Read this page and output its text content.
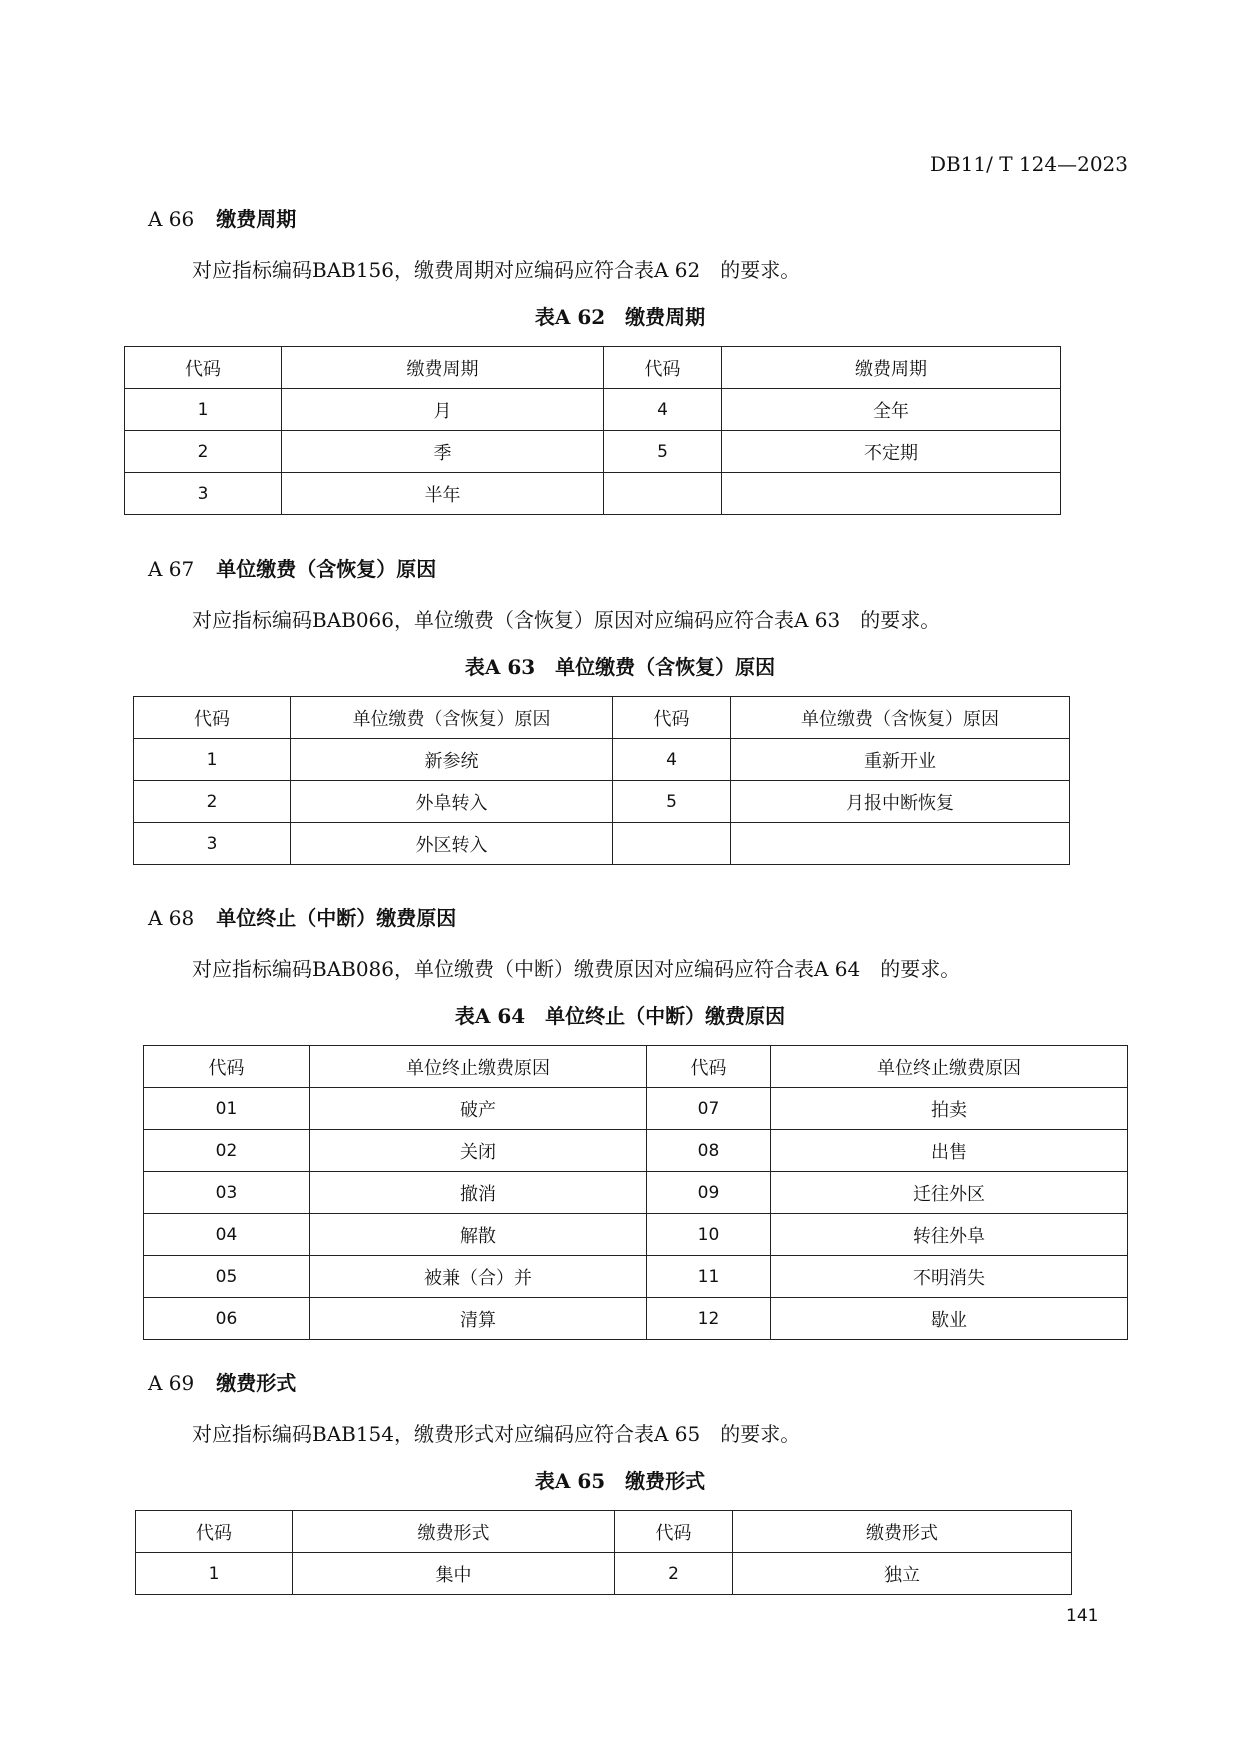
DB11/ T 124—2023
A 66 缴费周期
对应指标编码BAB156，缴费周期对应编码应符合表A 62　的要求。
表A 62　缴费周期
代码	缴费周期	代码	缴费周期
1	月	4	全年
2	季	5	不定期
3	半年		
A 67 单位缴费（含恢复）原因
对应指标编码BAB066，单位缴费（含恢复）原因对应编码应符合表A 63　的要求。
表A 63　单位缴费（含恢复）原因
代码	单位缴费（含恢复）原因	代码	单位缴费（含恢复）原因
1	新参统	4	重新开业
2	外阜转入	5	月报中断恢复
3	外区转入		
A 68 单位终止（中断）缴费原因
对应指标编码BAB086，单位缴费（中断）缴费原因对应编码应符合表A 64　的要求。
表A 64　单位终止（中断）缴费原因
代码	单位终止缴费原因	代码	单位终止缴费原因
01	破产	07	拍卖
02	关闭	08	出售
03	撤消	09	迁往外区
04	解散	10	转往外阜
05	被兼（合）并	11	不明消失
06	清算	12	歇业
A 69 缴费形式
对应指标编码BAB154，缴费形式对应编码应符合表A 65　的要求。
表A 65　缴费形式
代码	缴费形式	代码	缴费形式
1	集中	2	独立
141
